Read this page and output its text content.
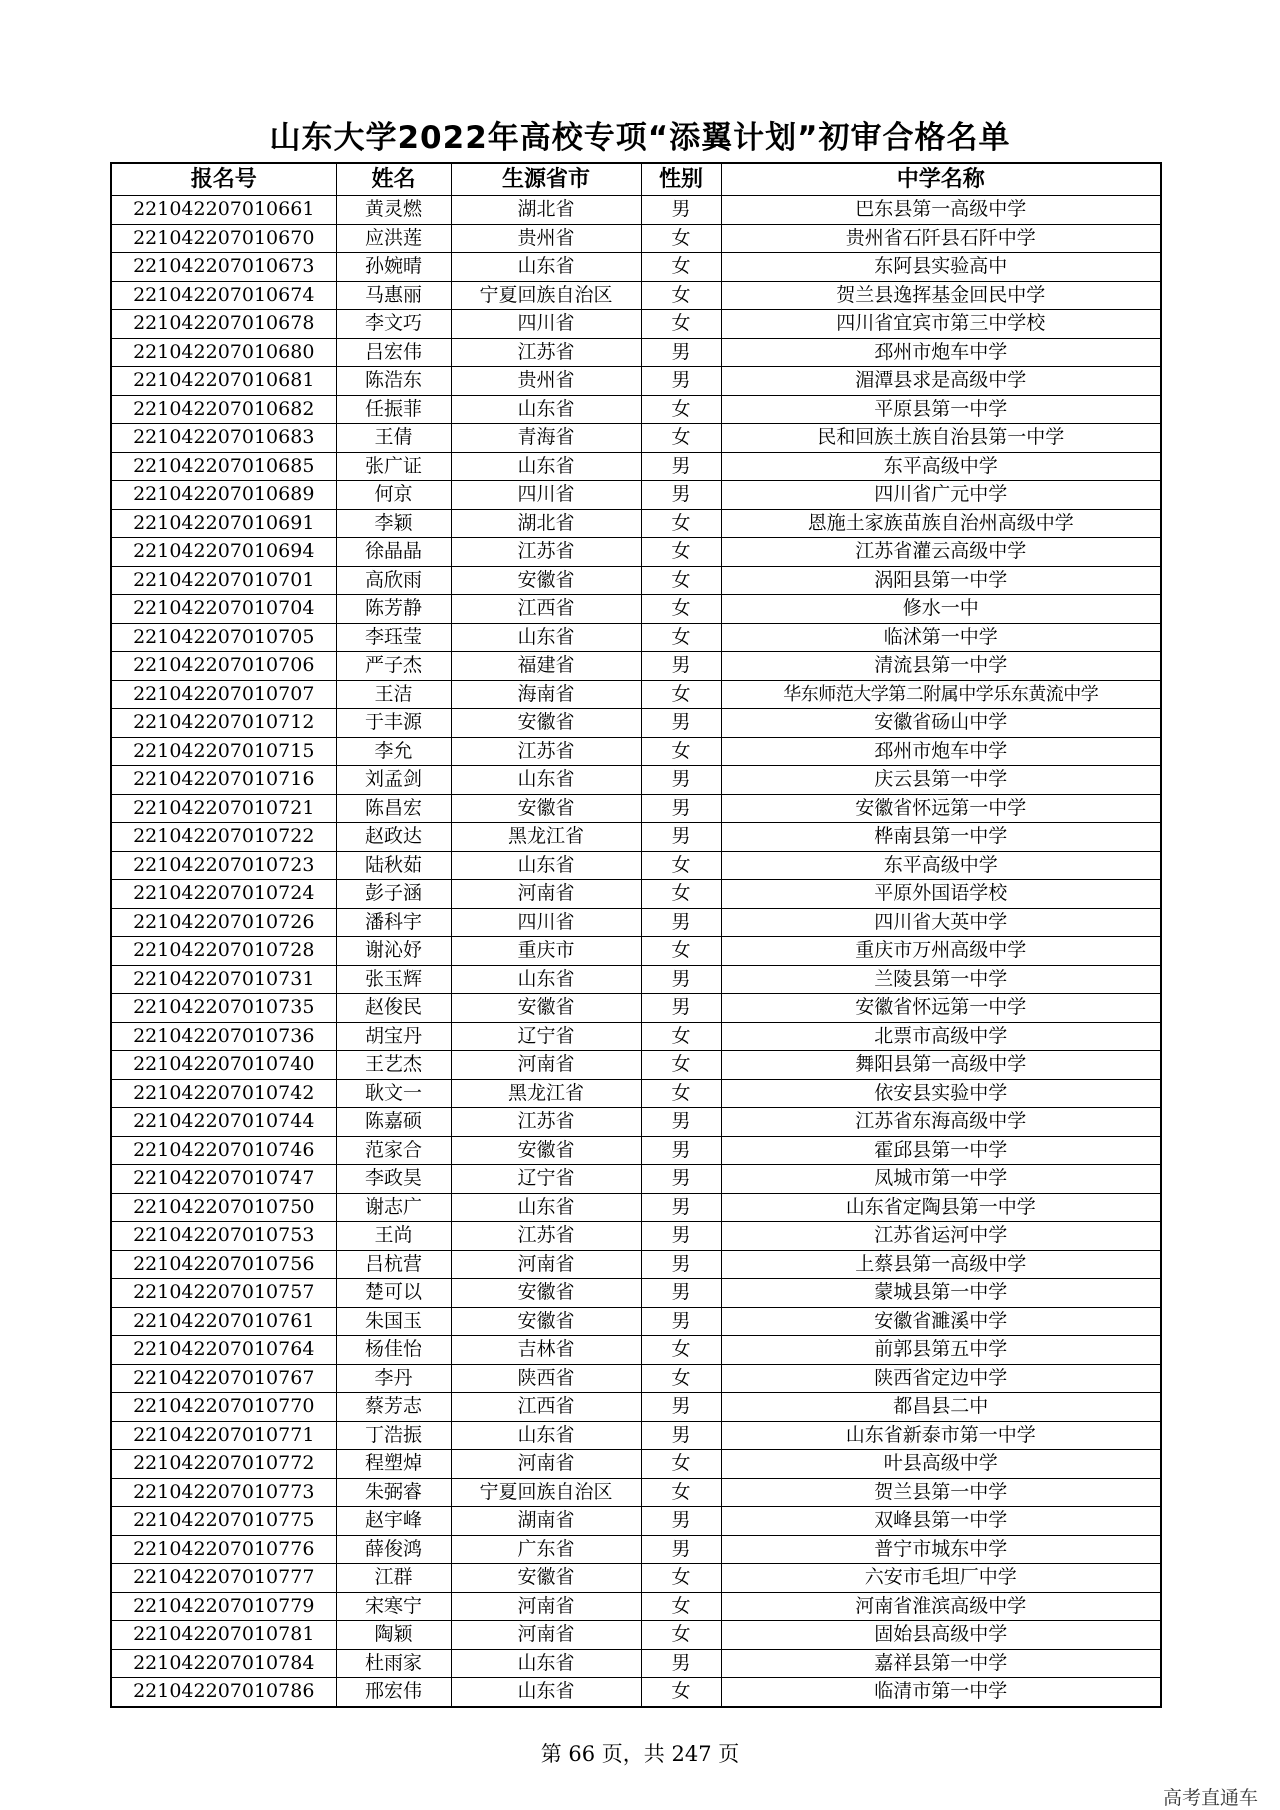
山东大学2022年高校专项“添翼计划”初审合格名单
报名号	姓名	生源省市	性别	中学名称
221042207010661	黄灵燃	湖北省	男	巴东县第一高级中学
221042207010670	应洪莲	贵州省	女	贵州省石阡县石阡中学
221042207010673	孙婉晴	山东省	女	东阿县实验高中
221042207010674	马惠丽	宁夏回族自治区	女	贺兰县逸挥基金回民中学
221042207010678	李文巧	四川省	女	四川省宜宾市第三中学校
221042207010680	吕宏伟	江苏省	男	邳州市炮车中学
221042207010681	陈浩东	贵州省	男	湄潭县求是高级中学
221042207010682	任振菲	山东省	女	平原县第一中学
221042207010683	王倩	青海省	女	民和回族土族自治县第一中学
221042207010685	张广证	山东省	男	东平高级中学
221042207010689	何京	四川省	男	四川省广元中学
221042207010691	李颖	湖北省	女	恩施土家族苗族自治州高级中学
221042207010694	徐晶晶	江苏省	女	江苏省灌云高级中学
221042207010701	高欣雨	安徽省	女	涡阳县第一中学
221042207010704	陈芳静	江西省	女	修水一中
221042207010705	李珏莹	山东省	女	临沭第一中学
221042207010706	严子杰	福建省	男	清流县第一中学
221042207010707	王洁	海南省	女	华东师范大学第二附属中学乐东黄流中学
221042207010712	于丰源	安徽省	男	安徽省砀山中学
221042207010715	李允	江苏省	女	邳州市炮车中学
221042207010716	刘孟剑	山东省	男	庆云县第一中学
221042207010721	陈昌宏	安徽省	男	安徽省怀远第一中学
221042207010722	赵政达	黑龙江省	男	桦南县第一中学
221042207010723	陆秋茹	山东省	女	东平高级中学
221042207010724	彭子涵	河南省	女	平原外国语学校
221042207010726	潘科宇	四川省	男	四川省大英中学
221042207010728	谢沁妤	重庆市	女	重庆市万州高级中学
221042207010731	张玉辉	山东省	男	兰陵县第一中学
221042207010735	赵俊民	安徽省	男	安徽省怀远第一中学
221042207010736	胡宝丹	辽宁省	女	北票市高级中学
221042207010740	王艺杰	河南省	女	舞阳县第一高级中学
221042207010742	耿文一	黑龙江省	女	依安县实验中学
221042207010744	陈嘉硕	江苏省	男	江苏省东海高级中学
221042207010746	范家合	安徽省	男	霍邱县第一中学
221042207010747	李政昊	辽宁省	男	凤城市第一中学
221042207010750	谢志广	山东省	男	山东省定陶县第一中学
221042207010753	王尚	江苏省	男	江苏省运河中学
221042207010756	吕杭营	河南省	男	上蔡县第一高级中学
221042207010757	楚可以	安徽省	男	蒙城县第一中学
221042207010761	朱国玉	安徽省	男	安徽省濉溪中学
221042207010764	杨佳怡	吉林省	女	前郭县第五中学
221042207010767	李丹	陕西省	女	陕西省定边中学
221042207010770	蔡芳志	江西省	男	都昌县二中
221042207010771	丁浩振	山东省	男	山东省新泰市第一中学
221042207010772	程塑焯	河南省	女	叶县高级中学
221042207010773	朱弼睿	宁夏回族自治区	女	贺兰县第一中学
221042207010775	赵宇峰	湖南省	男	双峰县第一中学
221042207010776	薛俊鸿	广东省	男	普宁市城东中学
221042207010777	江群	安徽省	女	六安市毛坦厂中学
221042207010779	宋寒宁	河南省	女	河南省淮滨高级中学
221042207010781	陶颖	河南省	女	固始县高级中学
221042207010784	杜雨家	山东省	男	嘉祥县第一中学
221042207010786	邢宏伟	山东省	女	临清市第一中学
第 66 页，共 247 页
高考直通车
